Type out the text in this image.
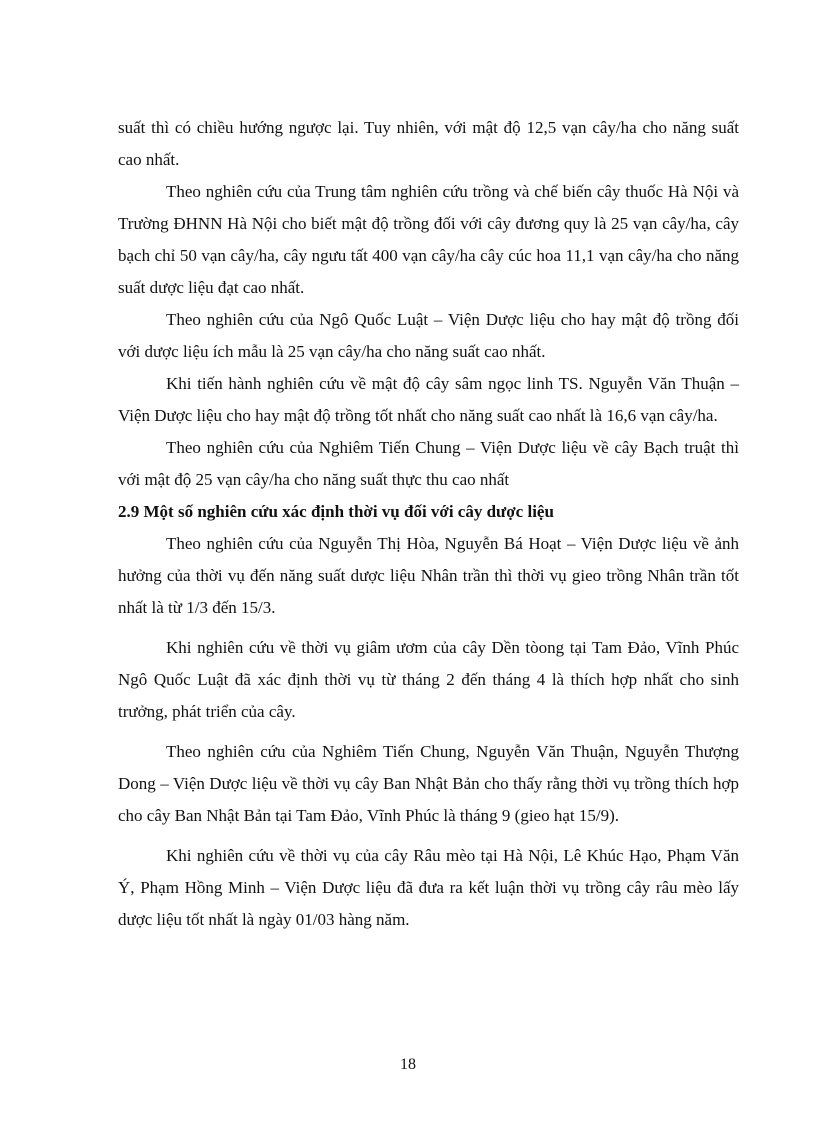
suất thì có chiều hướng ngược lại. Tuy nhiên, với mật độ 12,5 vạn cây/ha cho năng suất cao nhất.

Theo nghiên cứu của Trung tâm nghiên cứu trồng và chế biến cây thuốc Hà Nội và Trường ĐHNN Hà Nội cho biết mật độ trồng đối với cây đương quy là 25 vạn cây/ha, cây bạch chỉ 50 vạn cây/ha, cây ngưu tất 400 vạn cây/ha cây cúc hoa 11,1 vạn cây/ha cho năng suất dược liệu đạt cao nhất.

Theo nghiên cứu của Ngô Quốc Luật – Viện Dược liệu cho hay mật độ trồng đối với dược liệu ích mẫu là 25 vạn cây/ha cho năng suất cao nhất.

Khi tiến hành nghiên cứu về mật độ cây sâm ngọc linh TS. Nguyễn Văn Thuận – Viện Dược liệu cho hay mật độ trồng tốt nhất cho năng suất cao nhất là 16,6 vạn cây/ha.

Theo nghiên cứu của Nghiêm Tiến Chung – Viện Dược liệu về cây Bạch truật thì với mật độ 25 vạn cây/ha cho năng suất thực thu cao nhất

2.9 Một số nghiên cứu xác định thời vụ đối với cây dược liệu

Theo nghiên cứu của Nguyễn Thị Hòa, Nguyễn Bá Hoạt – Viện Dược liệu về ảnh hưởng của thời vụ đến năng suất dược liệu Nhân trần thì thời vụ gieo trồng Nhân trần tốt nhất là từ 1/3 đến 15/3.

Khi nghiên cứu về thời vụ giâm ươm của cây Dền tòong tại Tam Đảo, Vĩnh Phúc Ngô Quốc Luật đã xác định thời vụ từ tháng 2 đến tháng 4 là thích hợp nhất cho sinh trưởng, phát triển của cây.

Theo nghiên cứu của Nghiêm Tiến Chung, Nguyễn Văn Thuận, Nguyễn Thượng Dong – Viện Dược liệu về thời vụ cây Ban Nhật Bản cho thấy rằng thời vụ trồng thích hợp cho cây Ban Nhật Bản tại Tam Đảo, Vĩnh Phúc là tháng 9 (gieo hạt 15/9).

Khi nghiên cứu về thời vụ của cây Râu mèo tại Hà Nội, Lê Khúc Hạo, Phạm Văn Ý, Phạm Hồng Minh – Viện Dược liệu đã đưa ra kết luận thời vụ trồng cây râu mèo lấy dược liệu tốt nhất là ngày 01/03 hàng năm.

18
